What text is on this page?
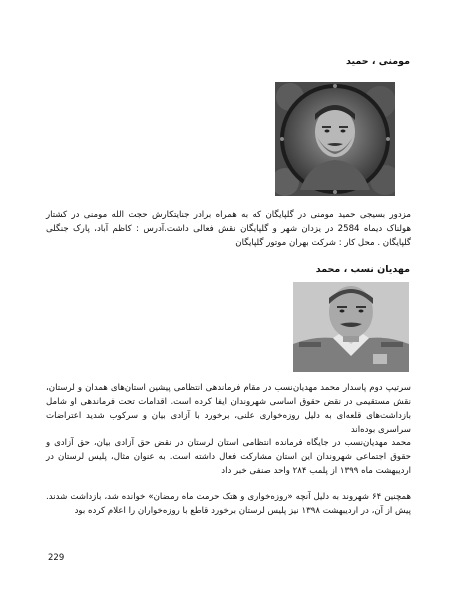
مومنی ، حمید

مزدور بسیجی حمید مومنی در گلپایگان که به همراه برادر جنایتکارش حجت الله مومنی در کشتار هولناک دیماه 2584 در یزدان شهر و گلپایگان نقش فعالی داشت.آدرس : کاظم آباد، پارک جنگلی گلپایگان . محل کار : شرکت بهران موتور گلپایگان

مهدیان نسب ، محمد

سرتیپ دوم پاسدار محمد مهدیان‌نسب در مقام فرماندهی انتظامی پیشین استان‌های همدان و لرستان، نقش مستقیمی در نقض حقوق اساسی شهروندان ایفا کرده است. اقدامات تحت فرماندهی او شامل بازداشت‌های قلعه‌ای به دلیل روزه‌خواری علنی، برخورد با آزادی بیان و سرکوب شدید اعتراضات سراسری بوده‌اند

محمد مهدیان‌نسب در جایگاه فرمانده انتظامی استان لرستان در نقض حق آزادی بیان، حق آزادی و حقوق اجتماعی شهروندان این استان مشارکت فعال داشته است. به عنوان مثال، پلیس لرستان در اردیبهشت ماه ۱۳۹۹ از پلمب ۲۸۴ واحد صنفی خبر داد

همچنین ۶۴ شهروند به دلیل آنچه «روزه‌خواری و هتک حرمت ماه رمضان» خوانده شد، بازداشت شدند. پیش از آن، در اردیبهشت ۱۳۹۸ نیز پلیس لرستان برخورد قاطع با روزه‌خواران را اعلام کرده بود

229
